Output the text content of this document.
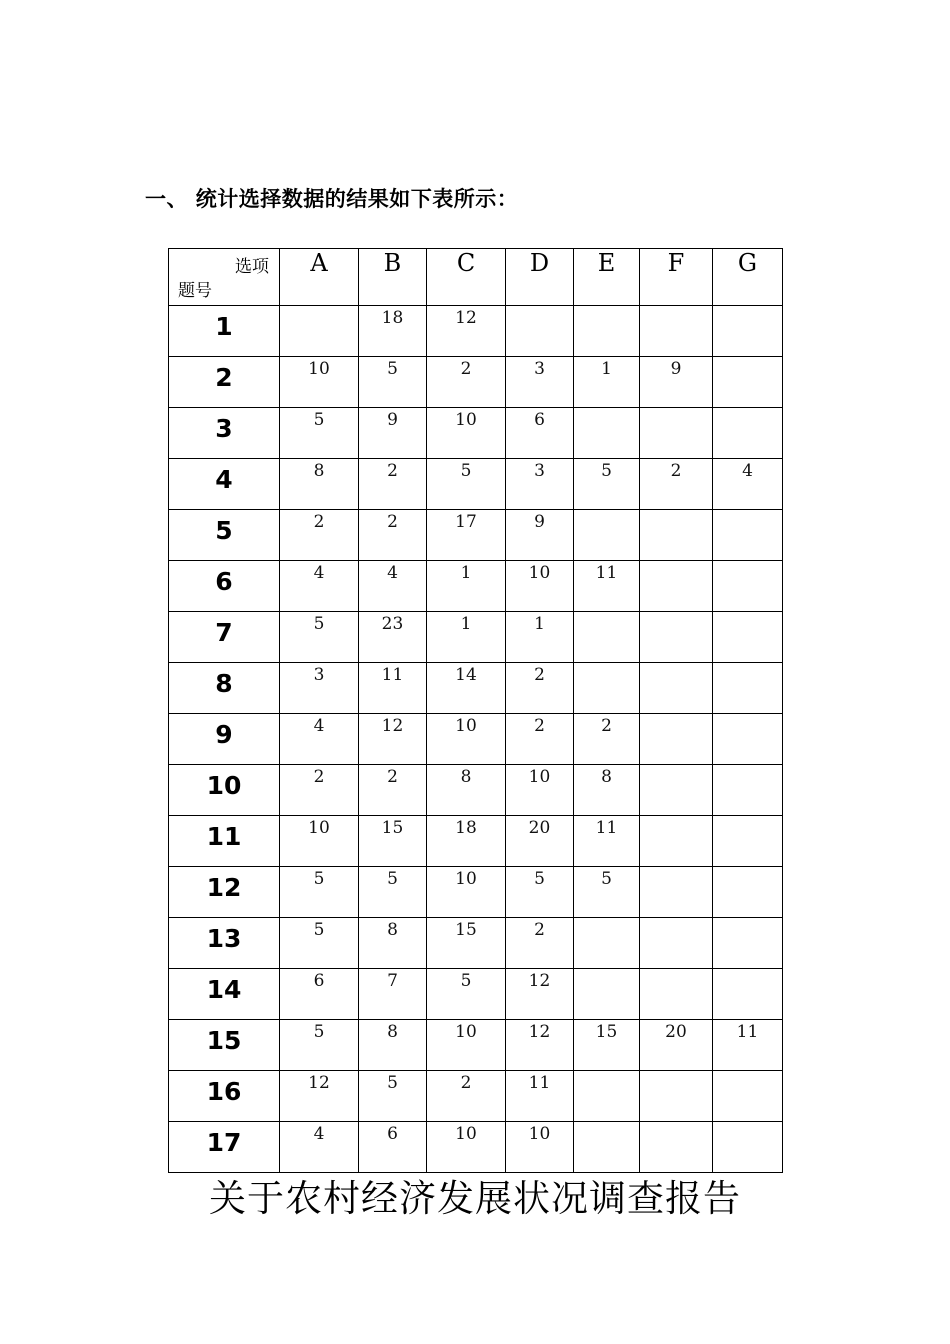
一、 统计选择数据的结果如下表所示：
选项
题号	A	B	C	D	E	F	G
1		18	12				
2	10	5	2	3	1	9	
3	5	9	10	6			
4	8	2	5	3	5	2	4
5	2	2	17	9			
6	4	4	1	10	11		
7	5	23	1	1			
8	3	11	14	2			
9	4	12	10	2	2		
10	2	2	8	10	8		
11	10	15	18	20	11		
12	5	5	10	5	5		
13	5	8	15	2			
14	6	7	5	12			
15	5	8	10	12	15	20	11
16	12	5	2	11			
17	4	6	10	10			
关于农村经济发展状况调查报告
